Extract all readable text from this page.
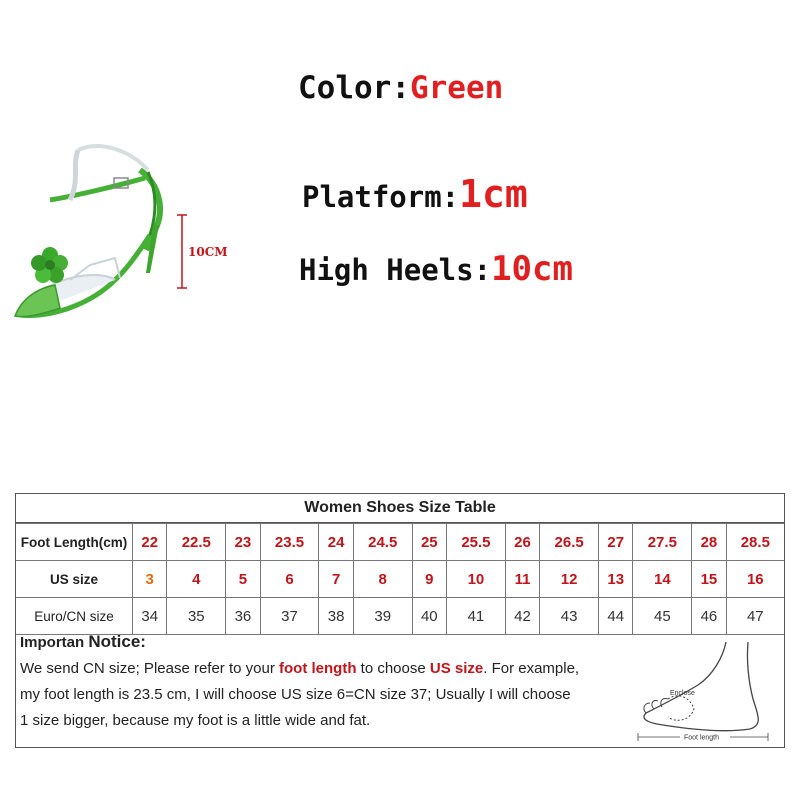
Color:Green
Platform:1cm
High Heels:10cm
10CM
Women Shoes Size Table
Foot Length(cm)	22	22.5	23	23.5	24	24.5	25	25.5	26	26.5	27	27.5	28	28.5
US size	3	4	5	6	7	8	9	10	11	12	13	14	15	16
Euro/CN size	34	35	36	37	38	39	40	41	42	43	44	45	46	47
Importan Notice:
We send CN size; Please refer to your foot length to choose US size. For example,
my foot length is 23.5 cm, I will choose US size 6=CN size 37; Usually I will choose
1 size bigger, because my foot is a little wide and fat.
Enclose
Foot length
